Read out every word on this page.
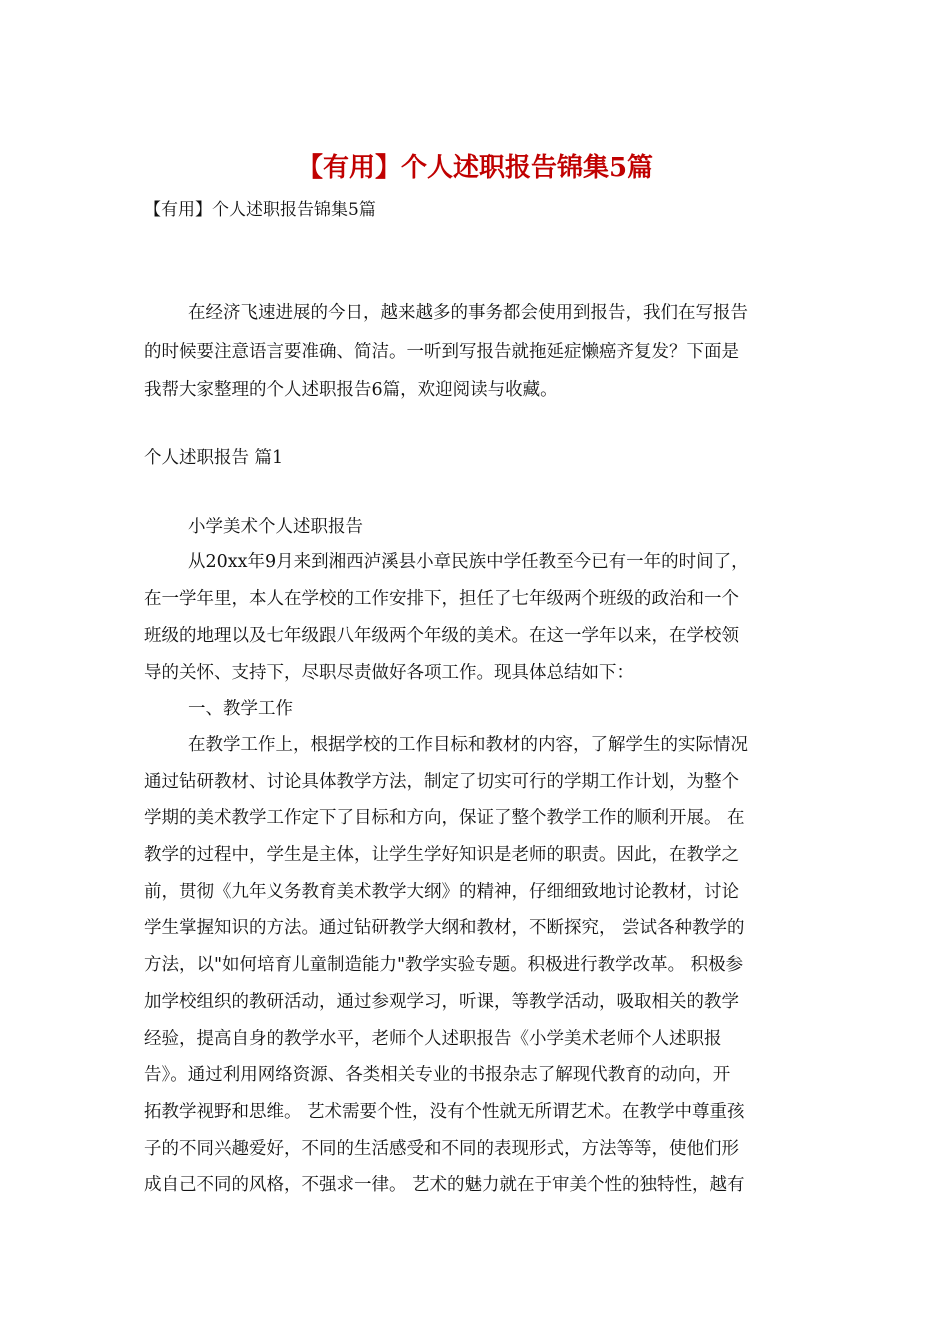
【有用】个人述职报告锦集5篇
【有用】个人述职报告锦集5篇
在经济飞速进展的今日，越来越多的事务都会使用到报告，我们在写报告
的时候要注意语言要准确、简洁。一听到写报告就拖延症懒癌齐复发？下面是
我帮大家整理的个人述职报告6篇，欢迎阅读与收藏。
个人述职报告 篇1
小学美术个人述职报告
从20xx年9月来到湘西泸溪县小章民族中学任教至今已有一年的时间了，
在一学年里，本人在学校的工作安排下，担任了七年级两个班级的政治和一个
班级的地理以及七年级跟八年级两个年级的美术。在这一学年以来，在学校领
导的关怀、支持下，尽职尽责做好各项工作。现具体总结如下：
一、教学工作
在教学工作上，根据学校的工作目标和教材的内容，了解学生的实际情况
通过钻研教材、讨论具体教学方法，制定了切实可行的学期工作计划，为整个
学期的美术教学工作定下了目标和方向，保证了整个教学工作的顺利开展。 在
教学的过程中，学生是主体，让学生学好知识是老师的职责。因此，在教学之
前，贯彻《九年义务教育美术教学大纲》的精神，仔细细致地讨论教材，讨论
学生掌握知识的方法。通过钻研教学大纲和教材，不断探究， 尝试各种教学的
方法，以"如何培育儿童制造能力"教学实验专题。积极进行教学改革。 积极参
加学校组织的教研活动，通过参观学习，听课，等教学活动，吸取相关的教学
经验，提高自身的教学水平，老师个人述职报告《小学美术老师个人述职报
告》。通过利用网络资源、各类相关专业的书报杂志了解现代教育的动向，开
拓教学视野和思维。 艺术需要个性，没有个性就无所谓艺术。在教学中尊重孩
子的不同兴趣爱好，不同的生活感受和不同的表现形式，方法等等，使他们形
成自己不同的风格，不强求一律。 艺术的魅力就在于审美个性的独特性，越有
